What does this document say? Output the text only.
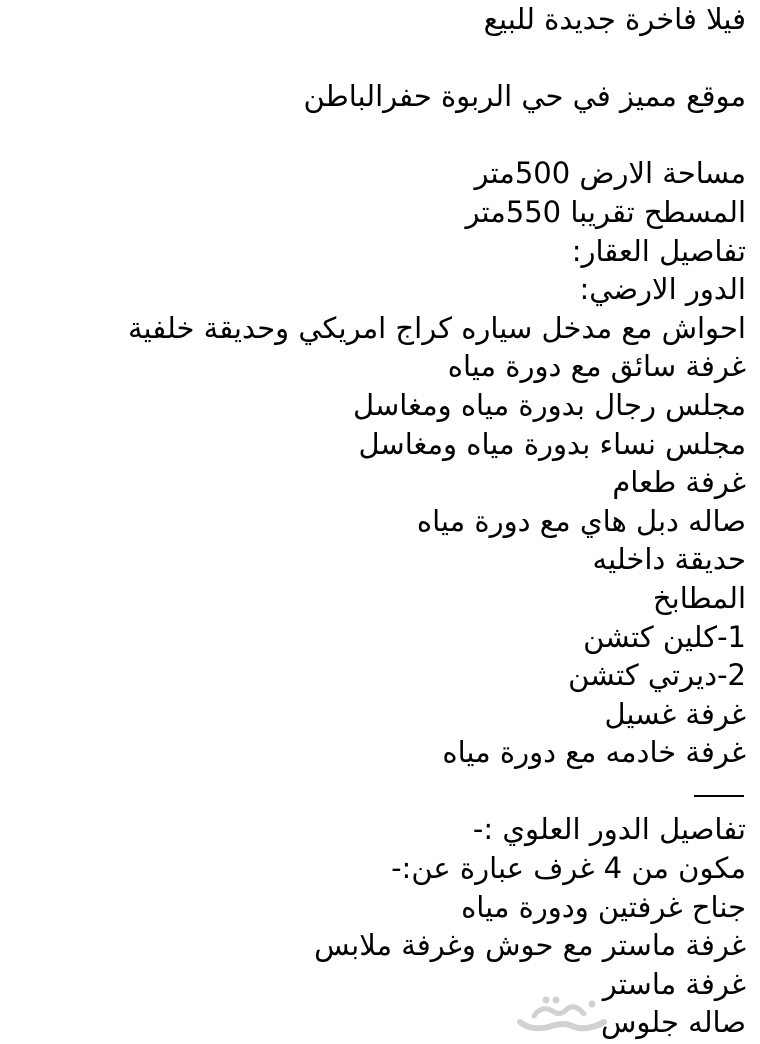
فيلا فاخرة جديدة للبيع
موقع مميز في حي الربوة حفرالباطن
مساحة الارض 500متر
المسطح تقريبا 550متر
تفاصيل العقار:
الدور الارضي:
احواش مع مدخل سياره كراج امريكي وحديقة خلفية
غرفة سائق مع دورة مياه
مجلس رجال بدورة مياه ومغاسل
مجلس نساء بدورة مياه ومغاسل
غرفة طعام
صاله دبل هاي مع دورة مياه
حديقة داخليه
المطابخ
1-كلين كتشن
2-ديرتي كتشن
غرفة غسيل
غرفة خادمه مع دورة مياه
تفاصيل الدور العلوي :-
مكون من 4 غرف عبارة عن:-
جناح غرفتين ودورة مياه
غرفة ماستر مع حوش وغرفة ملابس
غرفة ماستر
صاله جلوس
